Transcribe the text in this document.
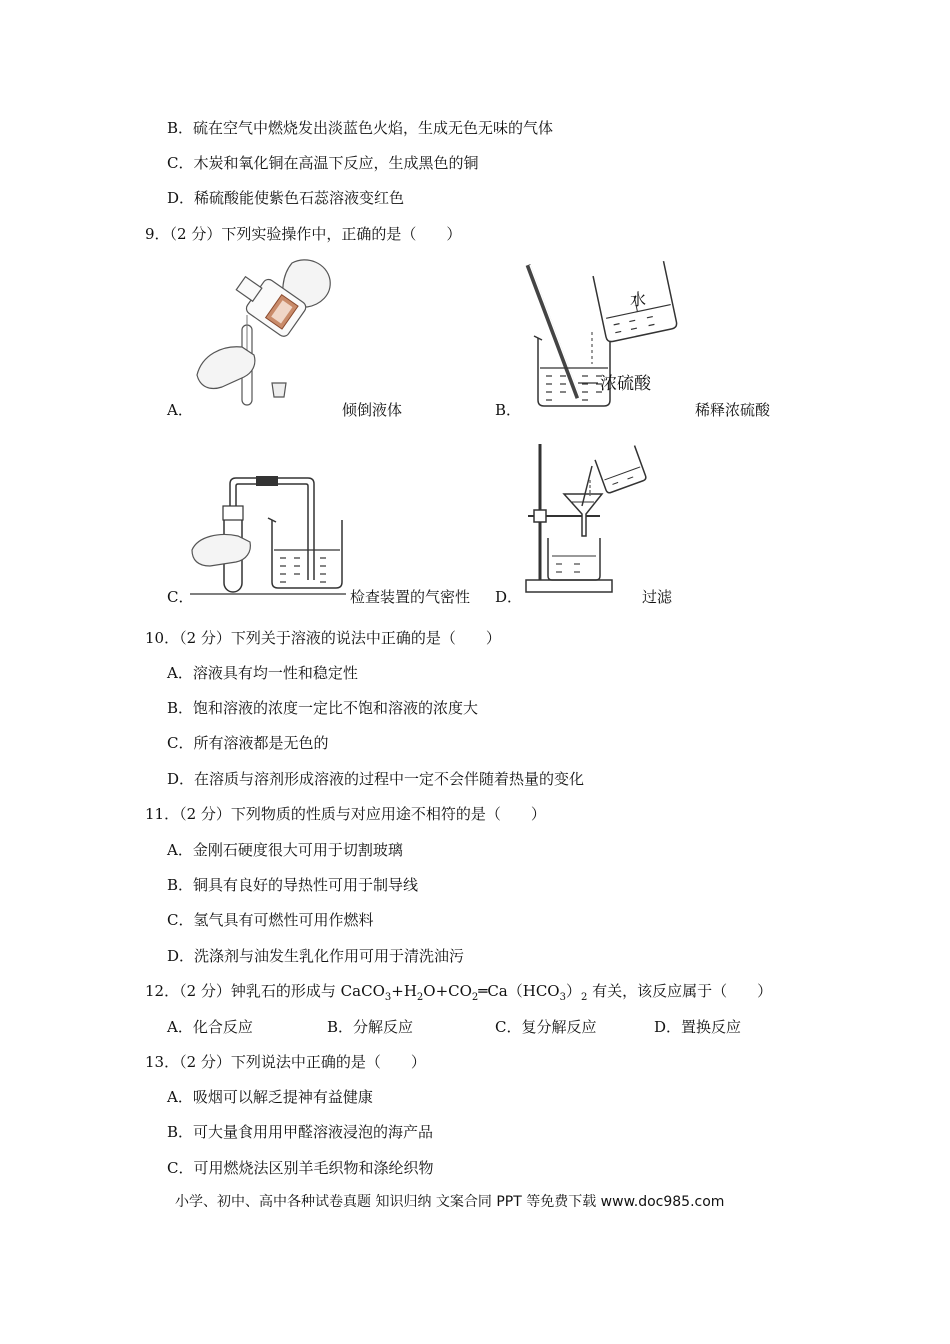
B．硫在空气中燃烧发出淡蓝色火焰，生成无色无味的气体
C．木炭和氧化铜在高温下反应，生成黑色的铜
D．稀硫酸能使紫色石蕊溶液变红色
9．（2 分）下列实验操作中，正确的是（　　）
A．	倾倒液体
水
浓硫酸
B．	稀释浓硫酸
C．	检查装置的气密性 D．	过滤
10．（2 分）下列关于溶液的说法中正确的是（　　）
A．溶液具有均一性和稳定性
B．饱和溶液的浓度一定比不饱和溶液的浓度大
C．所有溶液都是无色的
D．在溶质与溶剂形成溶液的过程中一定不会伴随着热量的变化
11．（2 分）下列物质的性质与对应用途不相符的是（　　）
A．金刚石硬度很大可用于切割玻璃
B．铜具有良好的导热性可用于制导线
C．氢气具有可燃性可用作燃料
D．洗涤剂与油发生乳化作用可用于清洗油污
12．（2 分）钟乳石的形成与 $CaCO_3+H_2O+CO_2═Ca(HCO_3)_2$ 有关，该反应属于（　　）
A．化合反应	B．分解反应	C．复分解反应	D．置换反应
13．（2 分）下列说法中正确的是（　　）
A．吸烟可以解乏提神有益健康
B．可大量食用用甲醛溶液浸泡的海产品
C．可用燃烧法区别羊毛织物和涤纶织物
小学、初中、高中各种试卷真题 知识归纳 文案合同 PPT 等免费下载 www.doc985.com
